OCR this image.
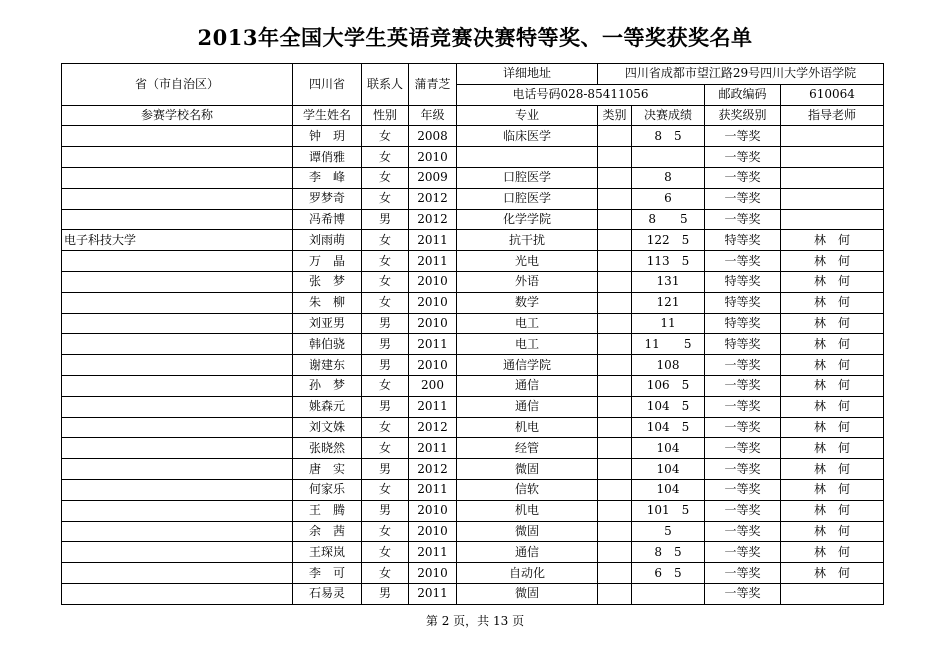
2013年全国大学生英语竞赛决赛特等奖、一等奖获奖名单
省（市自治区）	四川省	联系人	蒲青芝	详细地址	四川省成都市望江路29号四川大学外语学院			
				电话号码028-85411056			邮政编码	610064
参赛学校名称	学生姓名	性别	年级	专业	类别	决赛成绩	获奖级别	指导老师
	钟　玥	女	2008	临床医学		8　5	一等奖	
	谭俏雅	女	2010				一等奖	
	李　峰	女	2009	口腔医学		8	一等奖	
	罗梦奇	女	2012	口腔医学		6	一等奖	
	冯希博	男	2012	化学学院		8　　5	一等奖	
电子科技大学	刘雨萌	女	2011	抗干扰		122　5	特等奖	林　何
	万　晶	女	2011	光电		113　5	一等奖	林　何
	张　梦	女	2010	外语		131	特等奖	林　何
	朱　柳	女	2010	数学		121	特等奖	林　何
	刘亚男	男	2010	电工		11	特等奖	林　何
	韩伯骁	男	2011	电工		11　　5	特等奖	林　何
	谢建东	男	2010	通信学院		108	一等奖	林　何
	孙　梦	女	200	通信		106　5	一等奖	林　何
	姚森元	男	2011	通信		104　5	一等奖	林　何
	刘文姝	女	2012	机电		104　5	一等奖	林　何
	张晓然	女	2011	经管		104	一等奖	林　何
	唐　实	男	2012	微固		104	一等奖	林　何
	何家乐	女	2011	信软		104	一等奖	林　何
	王　腾	男	2010	机电		101　5	一等奖	林　何
	余　茜	女	2010	微固		5	一等奖	林　何
	王琛岚	女	2011	通信		8　5	一等奖	林　何
	李　可	女	2010	自动化		6　5	一等奖	林　何
	石易灵	男	2011	微固			一等奖	
第 2 页，共 13 页
